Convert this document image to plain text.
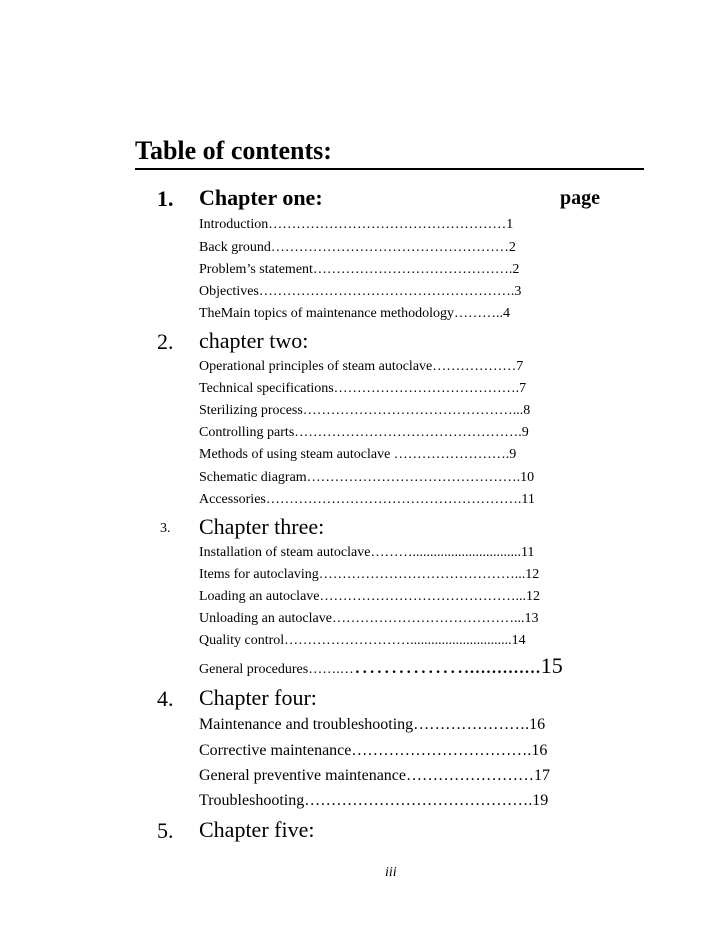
Table of contents:
1. Chapter one:	page
Introduction……………………………………………1
Back ground……………………………………………2
Problem’s statement…………………………………….2
Objectives……………………………………………….3
TheMain topics of maintenance methodology………..4
2. chapter two:
Operational principles of steam autoclave………………7
Technical specifications………………………………….7
Sterilizing process………………………………………...8
Controlling parts………………………………………….9
Methods of using steam autoclave …………………….9
Schematic diagram……………………………………….10
Accessories……………………………………………….11
3. Chapter three:
Installation of steam autoclave………...............................11
Items for autoclaving……………………………………...12
Loading an autoclave……………………………………...12
Unloading an autoclave…………………………………...13
Quality control……………………….............................14
General procedures…….………………..............15
4. Chapter four:
Maintenance and troubleshooting………………….16
Corrective maintenance…………………………….16
General preventive maintenance……………………17
Troubleshooting…………………………………….19
5. Chapter five:
iii
